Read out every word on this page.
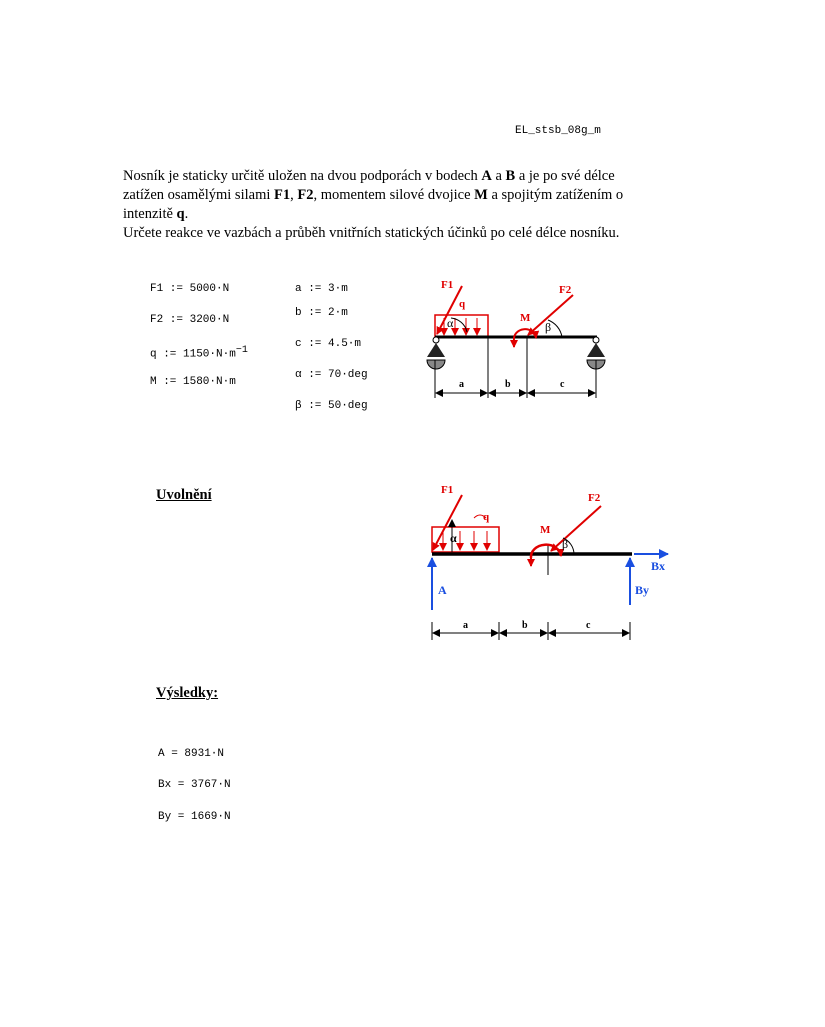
EL_stsb_08g_m

Nosník je staticky určitě uložen na dvou podporách v bodech A a B a je po své délce

zatížen osamělými silami F1, F2, momentem silové dvojice M a spojitým zatížením o

intenzitě q.

Určete reakce ve vazbách a průběh vnitřních statických účinků po celé délce nosníku.

F1 := 5000·N
F2 := 3200·N
q := $1150\cdot N\cdot m^{-1}$
M := 1580·N·m
a := 3·m
b := 2·m
c := 4.5·m
α := 70·deg
β := 50·deg
Uvolnění
Výsledky:
A = 8931·N
Bx = 3767·N
By = 1669·N
q
F1
α	M
F2
β
a	b	c
q
F1
α
M
F2
β
A	By
Bx
a	b	c
